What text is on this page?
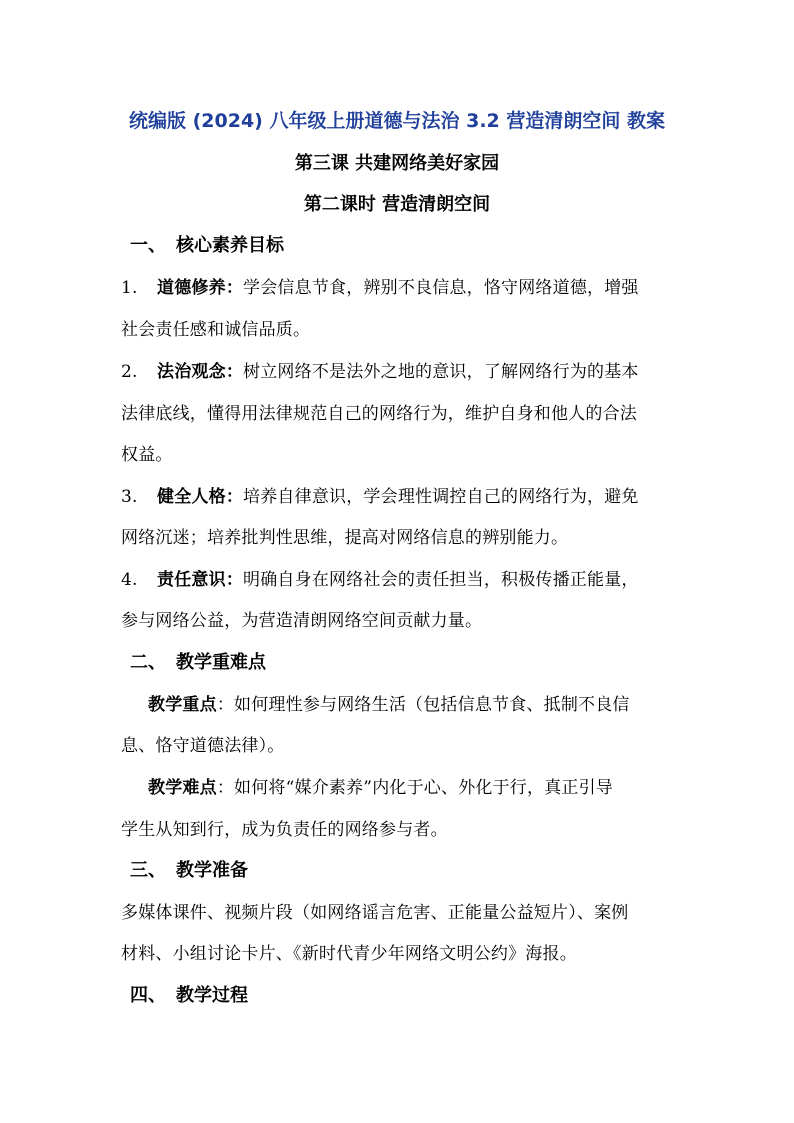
统编版 (2024) 八年级上册道德与法治 3.2 营造清朗空间 教案
第三课 共建网络美好家园
第二课时 营造清朗空间
一、 核心素养目标
1. 道德修养：学会信息节食，辨别不良信息，恪守网络道德，增强
社会责任感和诚信品质。
2. 法治观念：树立网络不是法外之地的意识，了解网络行为的基本
法律底线，懂得用法律规范自己的网络行为，维护自身和他人的合法
权益。
3. 健全人格：培养自律意识，学会理性调控自己的网络行为，避免
网络沉迷；培养批判性思维，提高对网络信息的辨别能力。
4. 责任意识：明确自身在网络社会的责任担当，积极传播正能量，
参与网络公益，为营造清朗网络空间贡献力量。
二、 教学重难点
教学重点：如何理性参与网络生活（包括信息节食、抵制不良信
息、恪守道德法律）。
教学难点：如何将“媒介素养”内化于心、外化于行，真正引导
学生从知到行，成为负责任的网络参与者。
三、 教学准备
多媒体课件、视频片段（如网络谣言危害、正能量公益短片）、案例
材料、小组讨论卡片、《新时代青少年网络文明公约》海报。
四、 教学过程
